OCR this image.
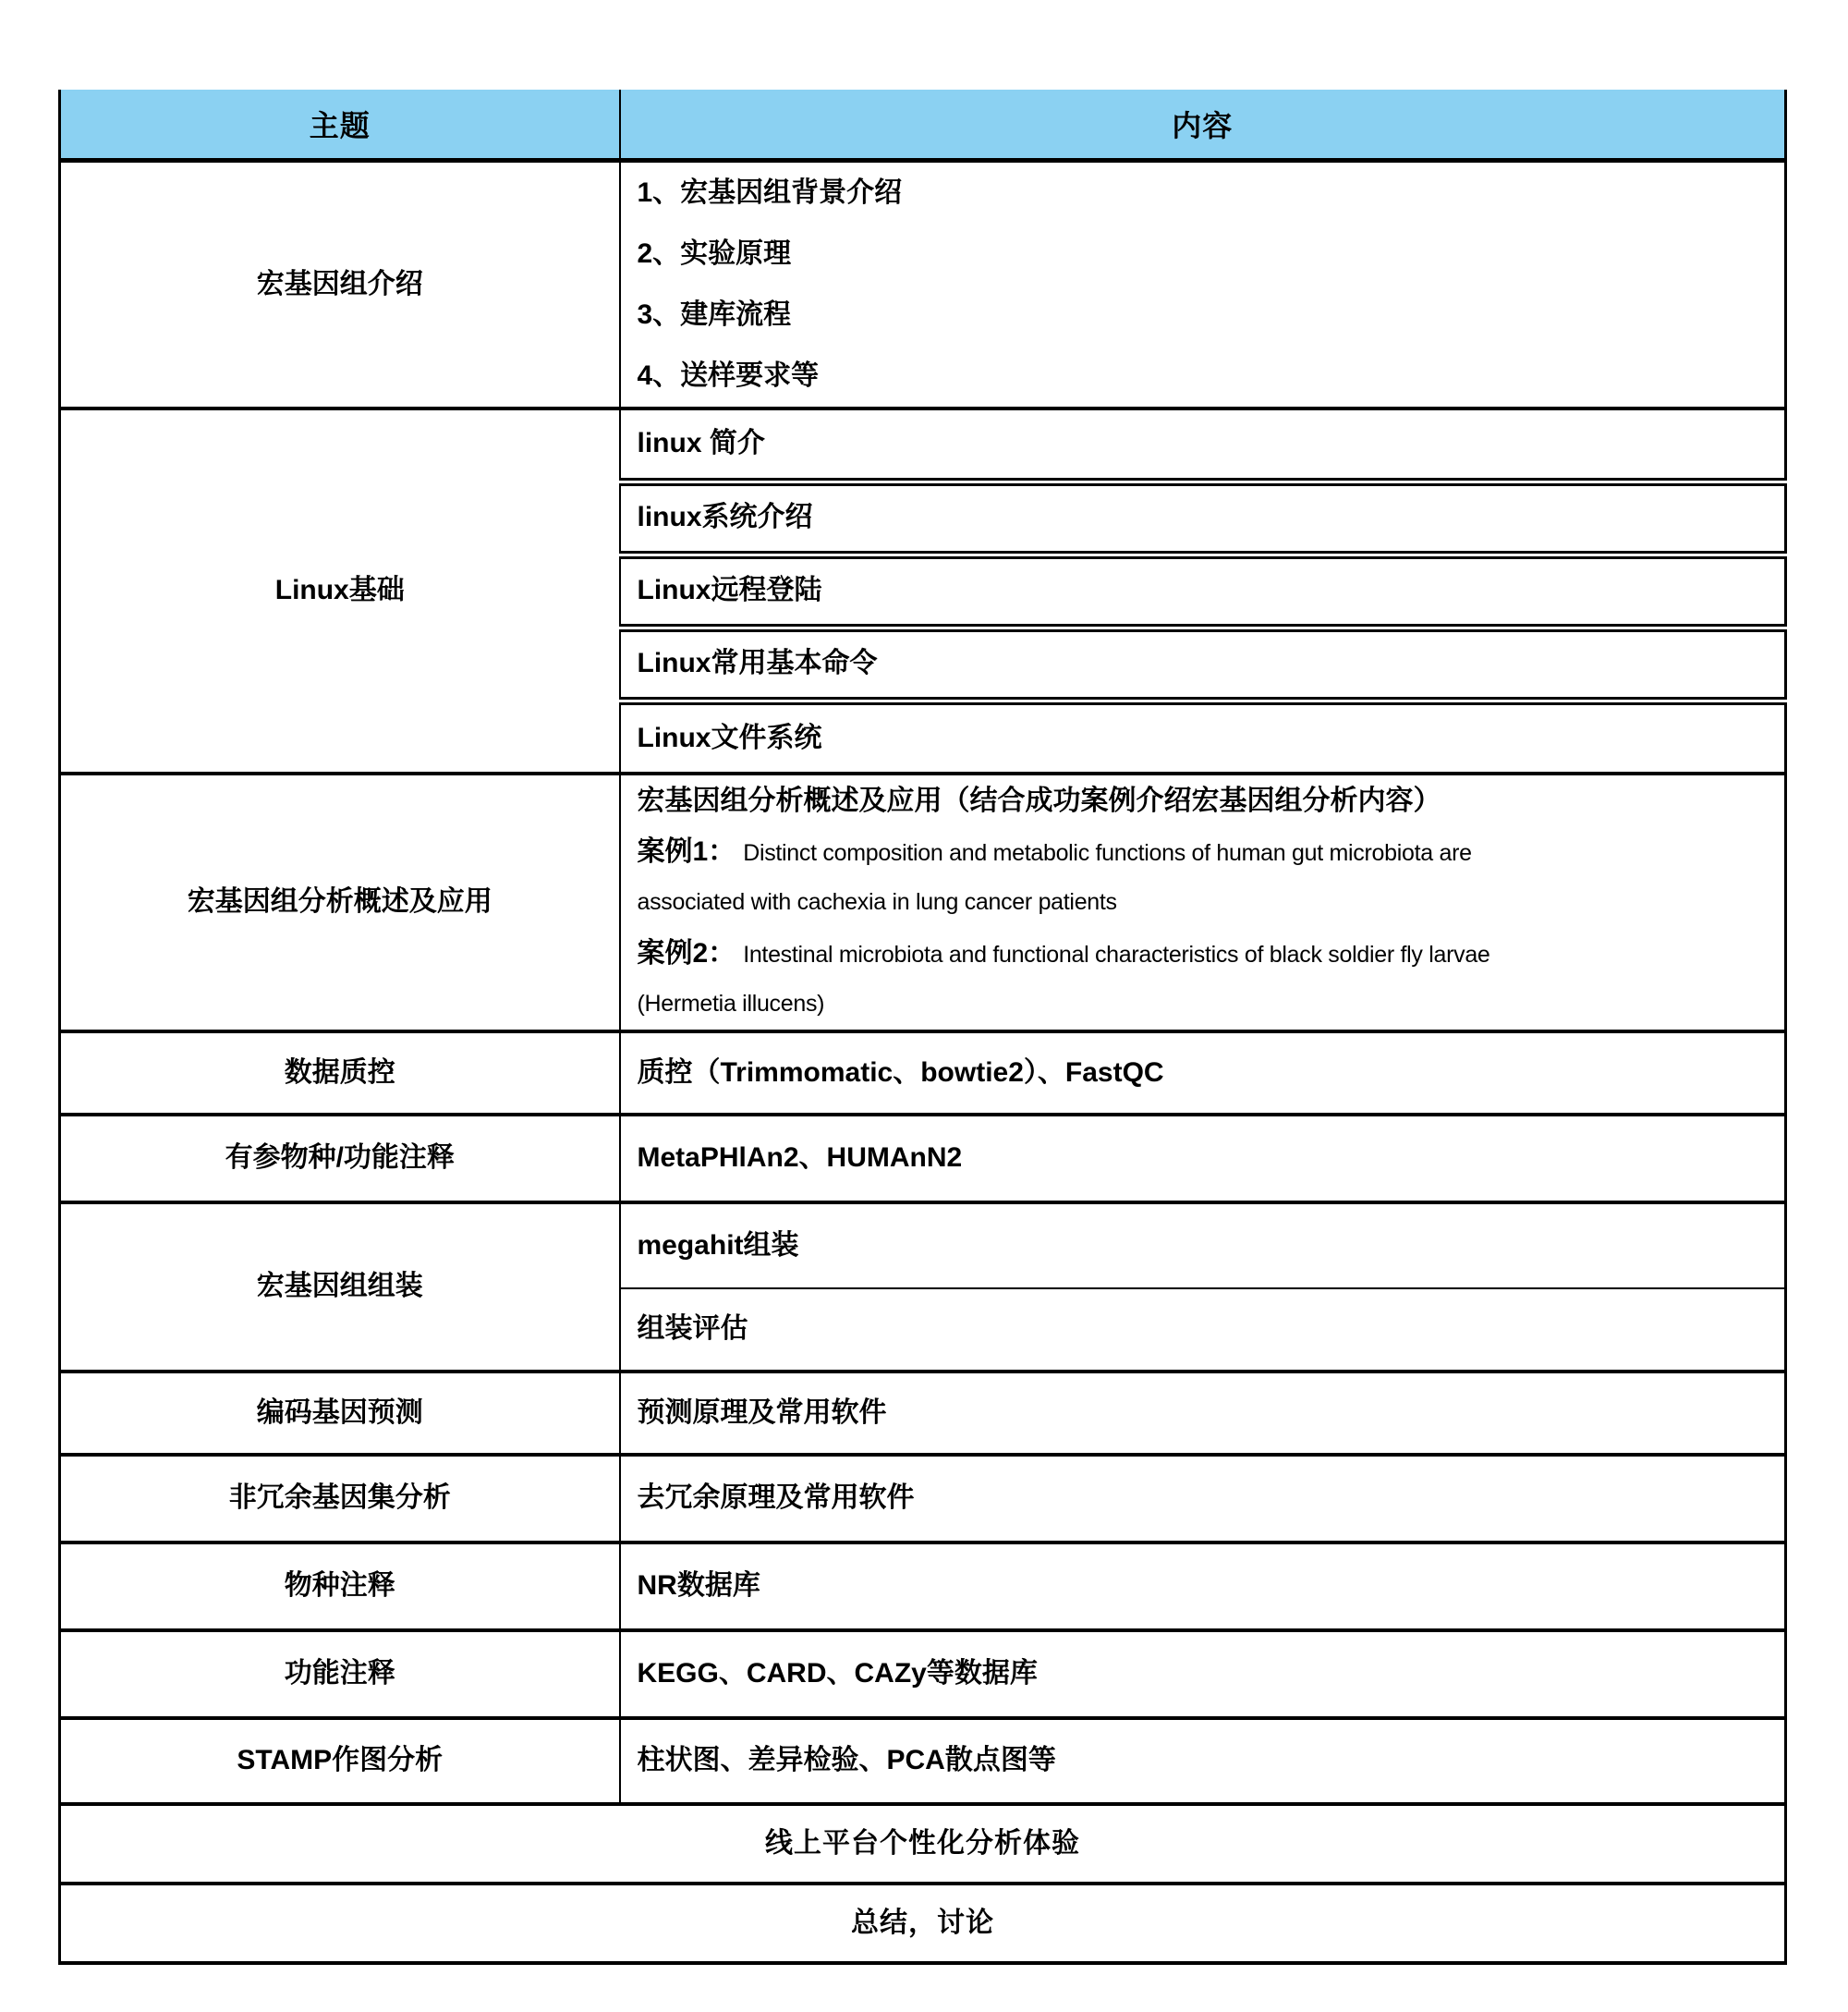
主题	内容
宏基因组介绍	1、宏基因组背景介绍
2、实验原理
3、建库流程
4、送样要求等

Linux基础	linux 简介
	linux系统介绍
	Linux远程登陆
	Linux常用基本命令
	Linux文件系统
宏基因组分析概述及应用	宏基因组分析概述及应用（结合成功案例介绍宏基因组分析内容）
案例1： Distinct composition and metabolic functions of human gut microbiota are
associated with cachexia in lung cancer patients
案例2： Intestinal microbiota and functional characteristics of black soldier fly larvae
(Hermetia illucens)

数据质控	质控（Trimmomatic、bowtie2）、FastQC
有参物种/功能注释	MetaPHlAn2、HUMAnN2
宏基因组组装	megahit组装
	组装评估
编码基因预测	预测原理及常用软件
非冗余基因集分析	去冗余原理及常用软件
物种注释	NR数据库
功能注释	KEGG、CARD、CAZy等数据库
STAMP作图分析	柱状图、差异检验、PCA散点图等
线上平台个性化分析体验	
总结，讨论	
